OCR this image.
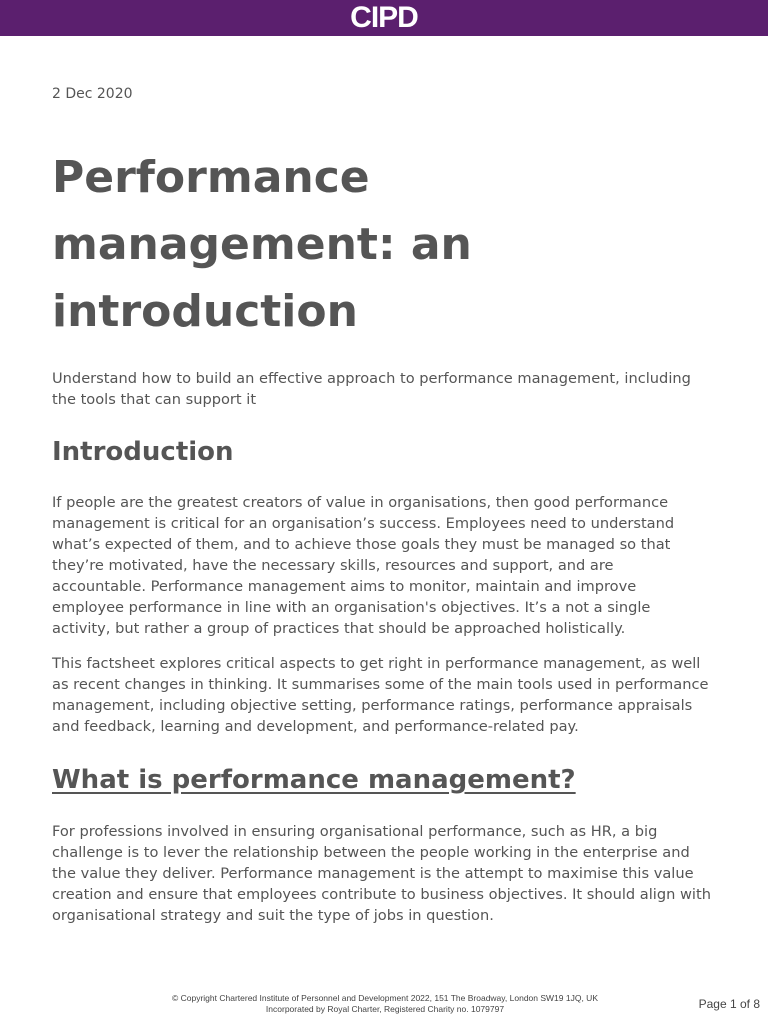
CIPD
2 Dec 2020
Performance management: an introduction

Understand how to build an effective approach to performance management, including the tools that can support it

Introduction

If people are the greatest creators of value in organisations, then good performance management is critical for an organisation’s success. Employees need to understand what’s expected of them, and to achieve those goals they must be managed so that they’re motivated, have the necessary skills, resources and support, and are accountable. Performance management aims to monitor, maintain and improve employee performance in line with an organisation's objectives. It’s a not a single activity, but rather a group of practices that should be approached holistically.

This factsheet explores critical aspects to get right in performance management, as well as recent changes in thinking. It summarises some of the main tools used in performance management, including objective setting, performance ratings, performance appraisals and feedback, learning and development, and performance-related pay.

What is performance management?

For professions involved in ensuring organisational performance, such as HR, a big challenge is to lever the relationship between the people working in the enterprise and the value they deliver. Performance management is the attempt to maximise this value creation and ensure that employees contribute to business objectives. It should align with organisational strategy and suit the type of jobs in question.

© Copyright Chartered Institute of Personnel and Development 2022, 151 The Broadway, London SW19 1JQ, UK
Incorporated by Royal Charter, Registered Charity no. 1079797	Page 1 of 8
